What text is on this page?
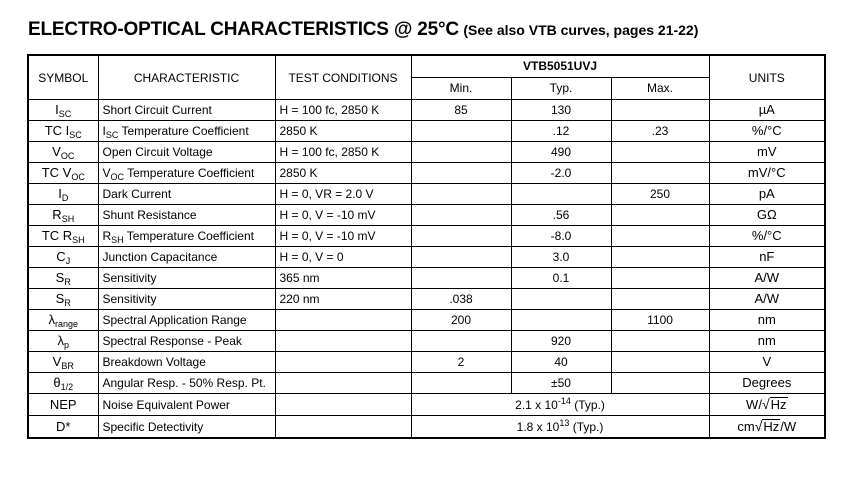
ELECTRO-OPTICAL CHARACTERISTICS @ 25°C (See also VTB curves, pages 21-22)
SYMBOL	CHARACTERISTIC	TEST CONDITIONS	VTB5051UVJ			UNITS
			Min.	Typ.	Max.	
$I_{SC}$	Short Circuit Current	H = 100 fc, 2850 K	85	130		µA
TC $I_{SC}$	$I_{SC}$ Temperature Coefficient	2850 K		.12	.23	%/°C
$V_{OC}$	Open Circuit Voltage	H = 100 fc, 2850 K		490		mV
TC $V_{OC}$	$V_{OC}$ Temperature Coefficient	2850 K		-2.0		mV/°C
$I_D$	Dark Current	H = 0, VR = 2.0 V			250	pA
$R_{SH}$	Shunt Resistance	H = 0, V = -10 mV		.56		GΩ
TC $R_{SH}$	$R_{SH}$ Temperature Coefficient	H = 0, V = -10 mV		-8.0		%/°C
$C_J$	Junction Capacitance	H = 0, V = 0		3.0		nF
$S_R$	Sensitivity	365 nm		0.1		A/W
$S_R$	Sensitivity	220 nm	.038			A/W
$\lambda_{range}$	Spectral Application Range		200		1100	nm
$\lambda_p$	Spectral Response - Peak			920		nm
$V_{BR}$	Breakdown Voltage		2	40		V
$\theta_{1/2}$	Angular Resp. - 50% Resp. Pt.			±50		Degrees
NEP	Noise Equivalent Power		2.1 x $10^{-14}$ (Typ.)			W/√Hz
D*	Specific Detectivity		1.8 x $10^{13}$ (Typ.)			cm√Hz/W
